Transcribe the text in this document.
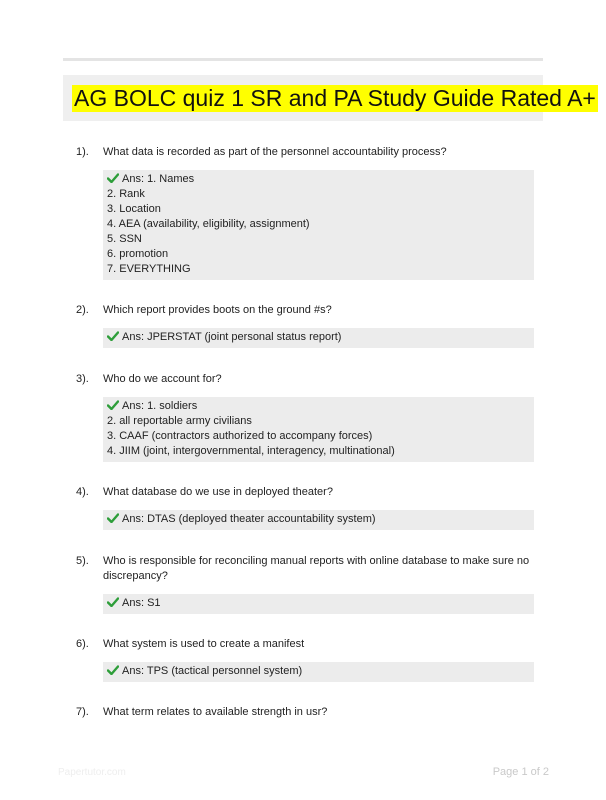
AG BOLC quiz 1 SR and PA Study Guide Rated A+
1). What data is recorded as part of the personnel accountability process?
Ans: 1. Names
2. Rank
3. Location
4. AEA (availability, eligibility, assignment)
5. SSN
6. promotion
7. EVERYTHING
2). Which report provides boots on the ground #s?
Ans: JPERSTAT (joint personal status report)
3). Who do we account for?
Ans: 1. soldiers
2. all reportable army civilians
3. CAAF (contractors authorized to accompany forces)
4. JIIM (joint, intergovernmental, interagency, multinational)
4). What database do we use in deployed theater?
Ans: DTAS (deployed theater accountability system)
5). Who is responsible for reconciling manual reports with online database to make sure no discrepancy?
Ans: S1
6). What system is used to create a manifest
Ans: TPS (tactical personnel system)
7). What term relates to available strength in usr?
Papertutor.com	Page 1 of 2
